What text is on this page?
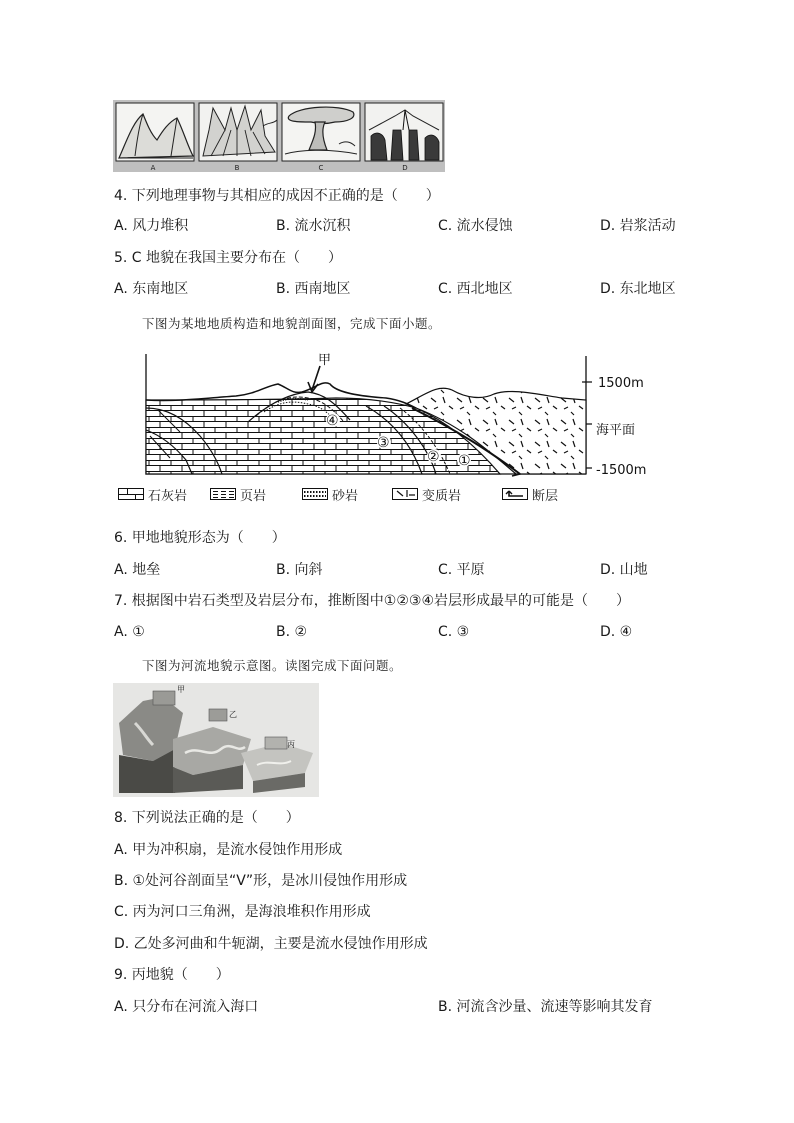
A	B	C	D
4. 下列地理事物与其相应的成因不正确的是（　　）
A. 风力堆积	B. 流水沉积	C. 流水侵蚀	D. 岩浆活动
5. C 地貌在我国主要分布在（　　）
A. 东南地区	B. 西南地区	C. 西北地区	D. 东北地区
下图为某地地质构造和地貌剖面图，完成下面小题。
甲
①
②
③
④
1500m
海平面
-1500m
石灰岩	页岩	砂岩	变质岩	断层
6. 甲地地貌形态为（　　）
A. 地垒	B. 向斜	C. 平原	D. 山地
7. 根据图中岩石类型及岩层分布，推断图中①②③④岩层形成最早的可能是（　　）
A. ①	B. ②	C. ③	D. ④
下图为河流地貌示意图。读图完成下面问题。
甲
乙
丙
8. 下列说法正确的是（　　）
A. 甲为冲积扇，是流水侵蚀作用形成
B. ①处河谷剖面呈“V”形，是冰川侵蚀作用形成
C. 丙为河口三角洲，是海浪堆积作用形成
D. 乙处多河曲和牛轭湖，主要是流水侵蚀作用形成
9. 丙地貌（　　）
A. 只分布在河流入海口	B. 河流含沙量、流速等影响其发育
